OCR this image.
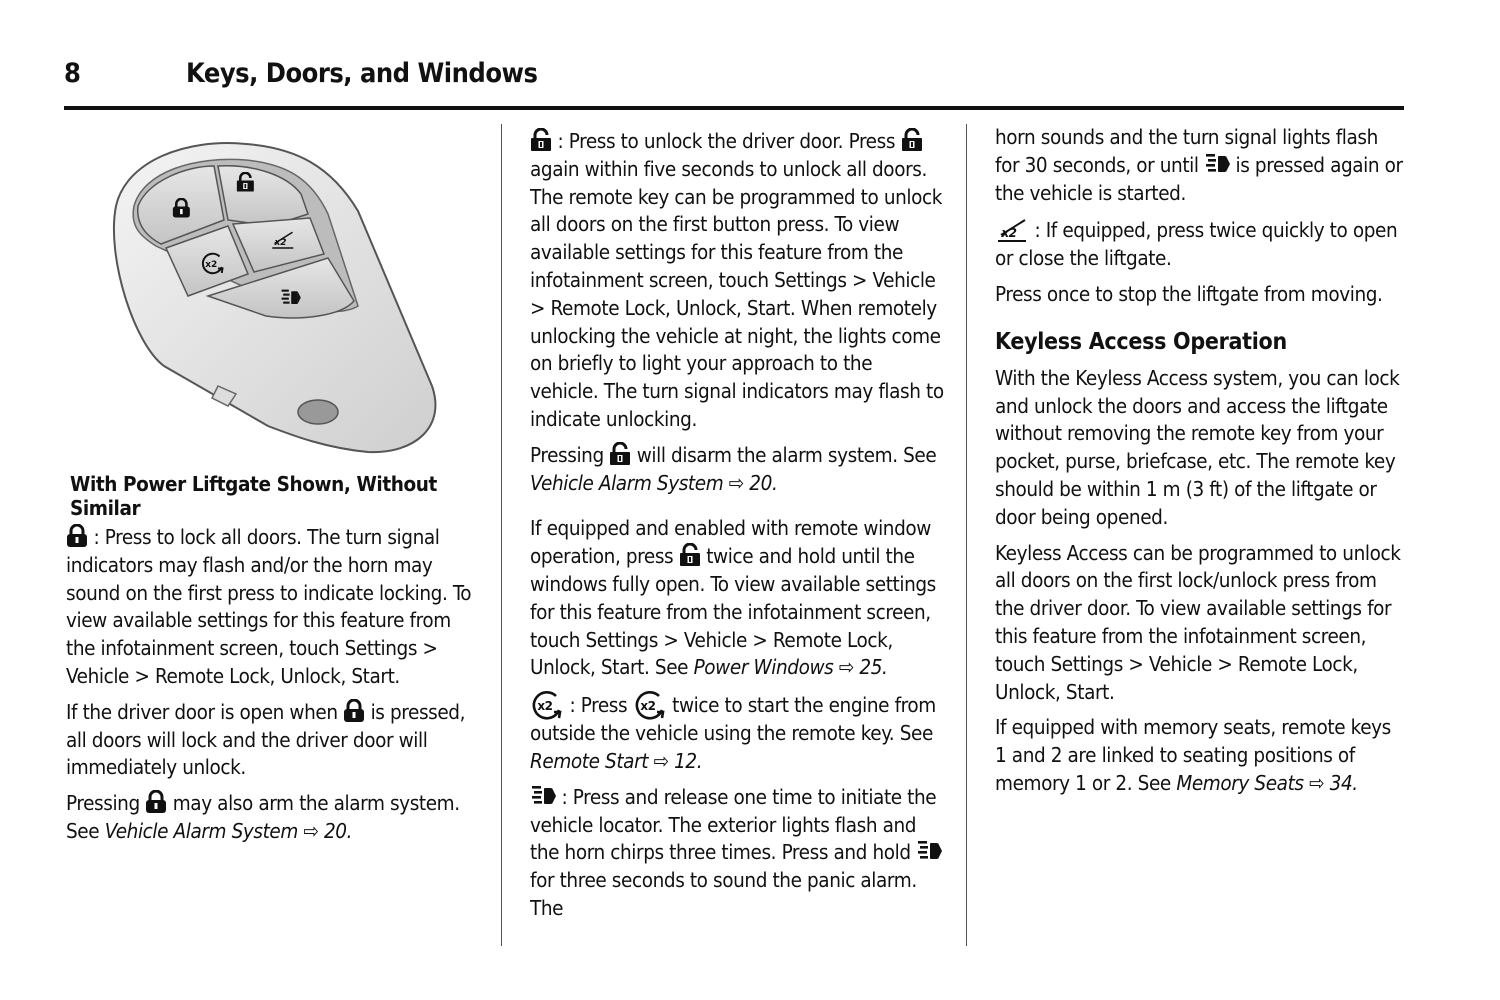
8	Keys, Doors, and Windows
With Power Liftgate Shown, Without Similar

: Press to lock all doors. The turn signal indicators may flash and/or the horn may sound on the first press to indicate locking. To view available settings for this feature from the infotainment screen, touch Settings > Vehicle > Remote Lock, Unlock, Start.

If the driver door is open when is pressed, all doors will lock and the driver door will immediately unlock.

Pressing may also arm the alarm system. See Vehicle Alarm System ⇨ 20.

: Press to unlock the driver door. Press
again within five seconds to unlock all doors. The remote key can be programmed to unlock all doors on the first button press. To view available settings for this feature from the infotainment screen, touch Settings > Vehicle > Remote Lock, Unlock, Start. When remotely unlocking the vehicle at night, the lights come on briefly to light your approach to the vehicle. The turn signal indicators may flash to indicate unlocking.

Pressing will disarm the alarm system. See Vehicle Alarm System ⇨ 20.

If equipped and enabled with remote window operation, press twice and hold until the windows fully open. To view available settings for this feature from the infotainment screen, touch Settings > Vehicle > Remote Lock, Unlock, Start. See Power Windows ⇨ 25.

: Press twice to start the engine from outside the vehicle using the remote key. See Remote Start ⇨ 12.

: Press and release one time to initiate the vehicle locator. The exterior lights flash and the horn chirps three times. Press and hold
for three seconds to sound the panic alarm. The

horn sounds and the turn signal lights flash for 30 seconds, or until is pressed again or the vehicle is started.

: If equipped, press twice quickly to open or close the liftgate.

Press once to stop the liftgate from moving.

Keyless Access Operation

With the Keyless Access system, you can lock and unlock the doors and access the liftgate without removing the remote key from your pocket, purse, briefcase, etc. The remote key should be within 1 m (3 ft) of the liftgate or door being opened.

Keyless Access can be programmed to unlock all doors on the first lock/unlock press from the driver door. To view available settings for this feature from the infotainment screen, touch Settings > Vehicle > Remote Lock, Unlock, Start.

If equipped with memory seats, remote keys 1 and 2 are linked to seating positions of memory 1 or 2. See Memory Seats ⇨ 34.
